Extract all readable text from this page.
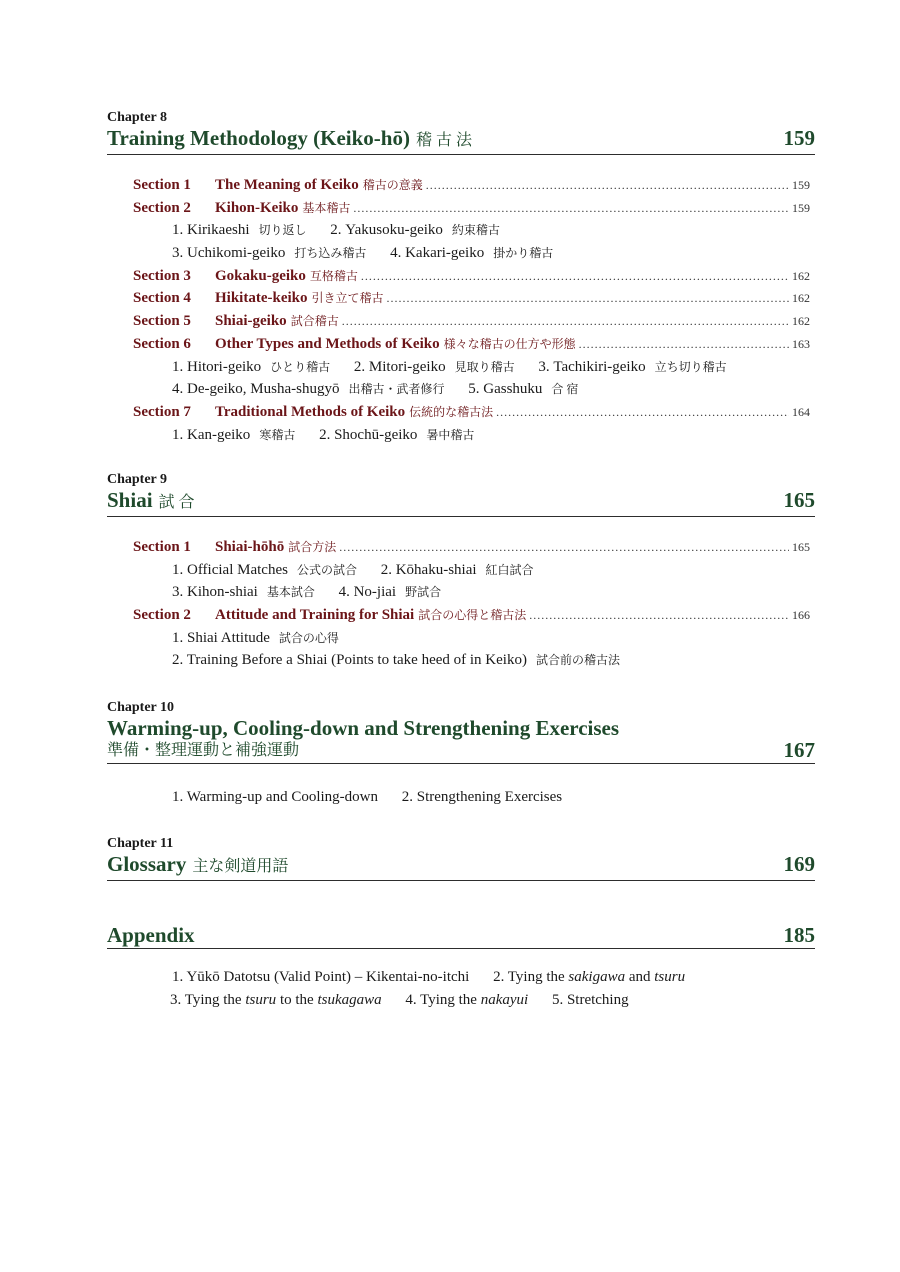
Chapter 8
Training Methodology (Keiko-hō) 稽 古 法	159
Section 1	The Meaning of Keiko 稽古の意義 .....	159
Section 2	Kihon-Keiko 基本稽古 .....	159
1. Kirikaeshi 切り返し 2. Yakusoku-geiko 約束稽古
3. Uchikomi-geiko 打ち込み稽古 4. Kakari-geiko 掛かり稽古
Section 3	Gokaku-geiko 互格稽古 .....	162
Section 4	Hikitate-keiko 引き立て稽古 .....	162
Section 5	Shiai-geiko 試合稽古 .....	162
Section 6	Other Types and Methods of Keiko 様々な稽古の仕方や形態 .....	163
1. Hitori-geiko ひとり稽古 2. Mitori-geiko 見取り稽古 3. Tachikiri-geiko 立ち切り稽古
4. De-geiko, Musha-shugyō 出稽古・武者修行 5. Gasshuku 合 宿
Section 7	Traditional Methods of Keiko 伝統的な稽古法 .....	164
1. Kan-geiko 寒稽古 2. Shochū-geiko 暑中稽古
Chapter 9
Shiai 試 合	165
Section 1	Shiai-hōhō 試合方法 .....	165
1. Official Matches 公式の試合 2. Kōhaku-shiai 紅白試合
3. Kihon-shiai 基本試合 4. No-jiai 野試合
Section 2	Attitude and Training for Shiai 試合の心得と稽古法 .....	166
1. Shiai Attitude 試合の心得
2. Training Before a Shiai (Points to take heed of in Keiko) 試合前の稽古法
Chapter 10
Warming-up, Cooling-down and Strengthening Exercises
準備・整理運動と補強運動	167
1. Warming-up and Cooling-down 2. Strengthening Exercises
Chapter 11
Glossary 主な剣道用語	169
Appendix	185
1. Yūkō Datotsu (Valid Point) – Kikentai-no-itchi 2. Tying the sakigawa and tsuru
3. Tying the tsuru to the tsukagawa 4. Tying the nakayui 5. Stretching
